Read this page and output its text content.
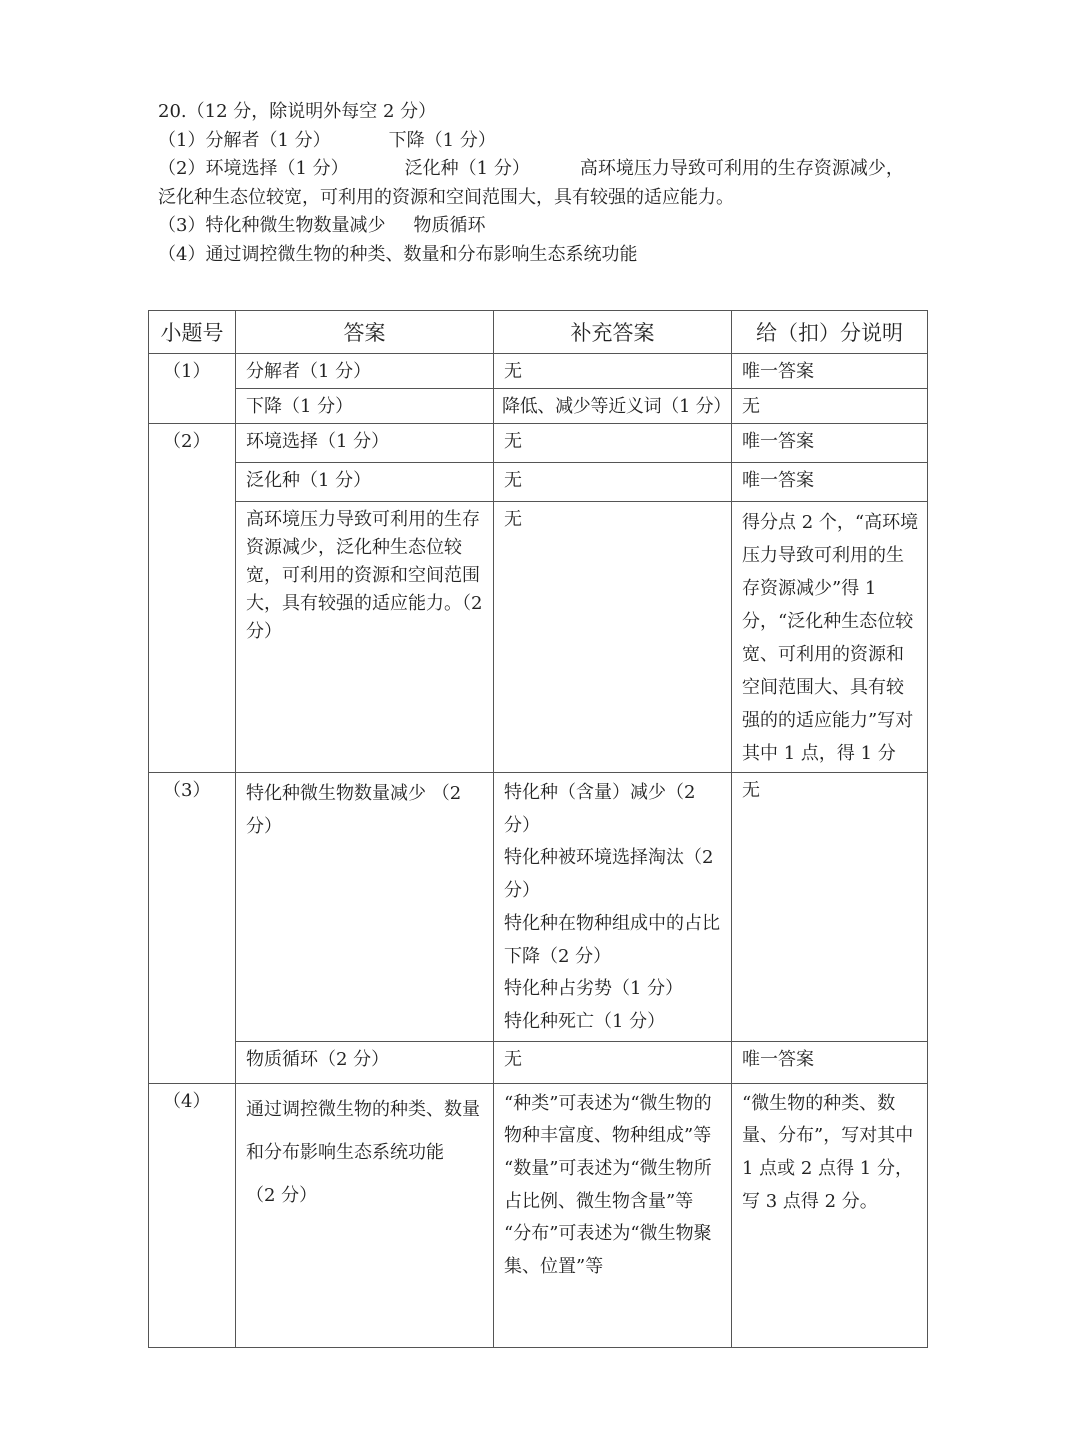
20.（12 分，除说明外每空 2 分）
（1）分解者（1 分）	下降（1 分）
（2）环境选择（1 分）	泛化种（1 分）	高环境压力导致可利用的生存资源减少，
泛化种生态位较宽，可利用的资源和空间范围大，具有较强的适应能力。
（3）特化种微生物数量减少 物质循环
（4）通过调控微生物的种类、数量和分布影响生态系统功能
小题号	答案	补充答案	给（扣）分说明
（1）	分解者（1 分）	无	唯一答案
	下降（1 分）	降低、减少等近义词（1 分）	无
（2）	环境选择（1 分）	无	唯一答案
	泛化种（1 分）	无	唯一答案
	高环境压力导致可利用的生存资源减少，泛化种生态位较宽，可利用的资源和空间范围大，具有较强的适应能力。（2 分）	无	得分点 2 个，“高环境压力导致可利用的生存资源减少”得 1 分，“泛化种生态位较宽、可利用的资源和空间范围大、具有较强的的适应能力”写对其中 1 点，得 1 分
（3）	特化种微生物数量减少 （2 分）	特化种（含量）减少（2 分）
特化种被环境选择淘汰（2 分）
特化种在物种组成中的占比下降（2 分）
特化种占劣势（1 分）
特化种死亡（1 分）	无
	物质循环（2 分）	无	唯一答案
（4）	通过调控微生物的种类、数量和分布影响生态系统功能
（2 分）	“种类”可表述为“微生物的物种丰富度、物种组成”等
“数量”可表述为“微生物所占比例、微生物含量”等
“分布”可表述为“微生物聚集、位置”等	“微生物的种类、数量、分布”，写对其中 1 点或 2 点得 1 分，写 3 点得 2 分。
